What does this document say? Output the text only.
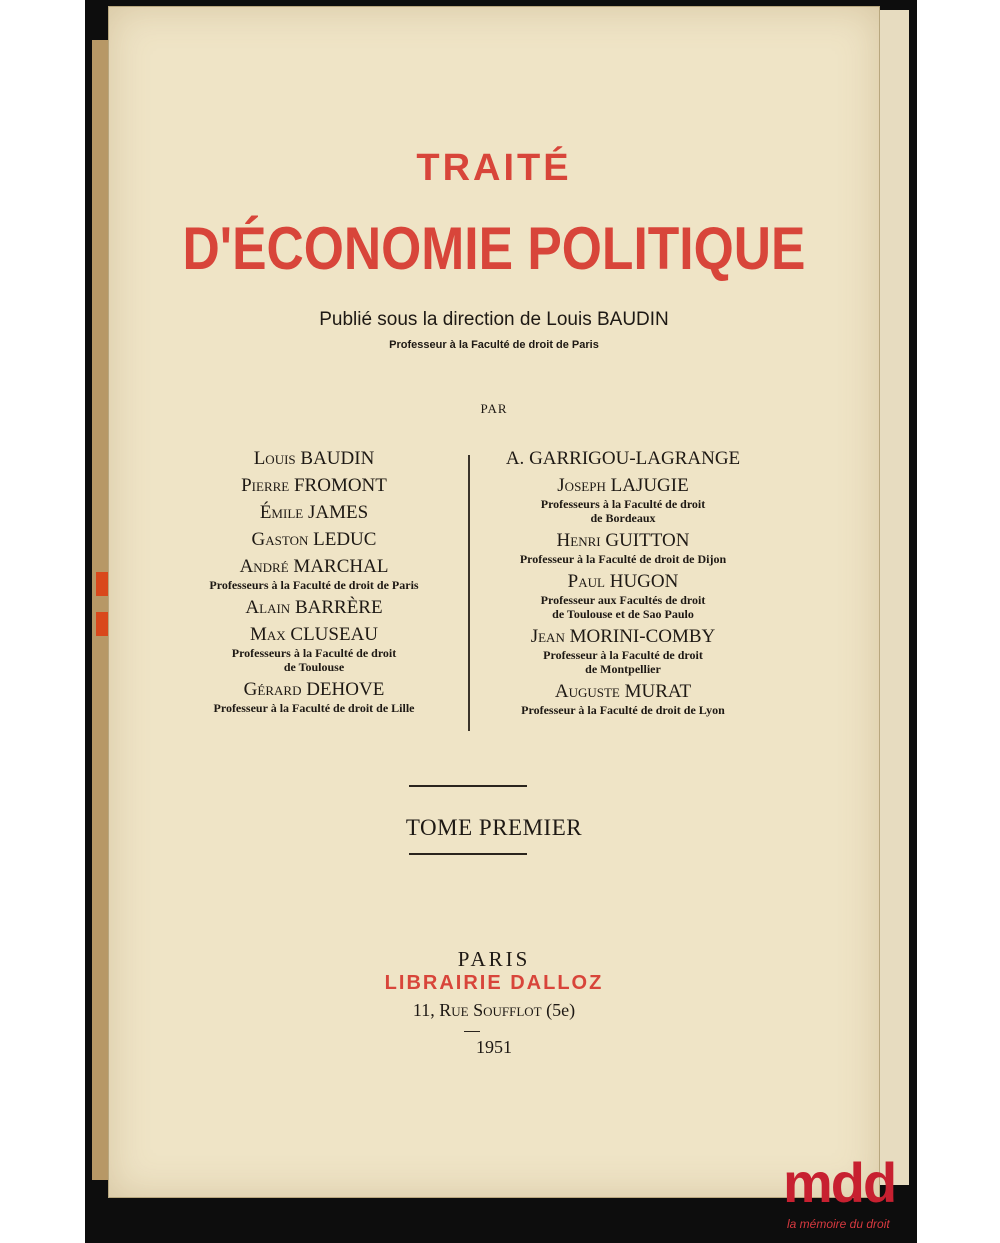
TRAITÉ

D'ÉCONOMIE POLITIQUE

Publié sous la direction de Louis BAUDIN

Professeur à la Faculté de droit de Paris

PAR

Louis BAUDIN
Pierre FROMONT
Émile JAMES
Gaston LEDUC
André MARCHAL
Professeurs à la Faculté de droit de Paris
Alain BARRÈRE
Max CLUSEAU
Professeurs à la Faculté de droit
de Toulouse
Gérard DEHOVE
Professeur à la Faculté de droit de Lille
A. GARRIGOU-LAGRANGE
Joseph LAJUGIE
Professeurs à la Faculté de droit
de Bordeaux
Henri GUITTON
Professeur à la Faculté de droit de Dijon
Paul HUGON
Professeur aux Facultés de droit
de Toulouse et de Sao Paulo
Jean MORINI-COMBY
Professeur à la Faculté de droit
de Montpellier
Auguste MURAT
Professeur à la Faculté de droit de Lyon

TOME PREMIER

PARIS

LIBRAIRIE DALLOZ

11, Rue Soufflot (5e)

1951

mdd
la mémoire du droit
